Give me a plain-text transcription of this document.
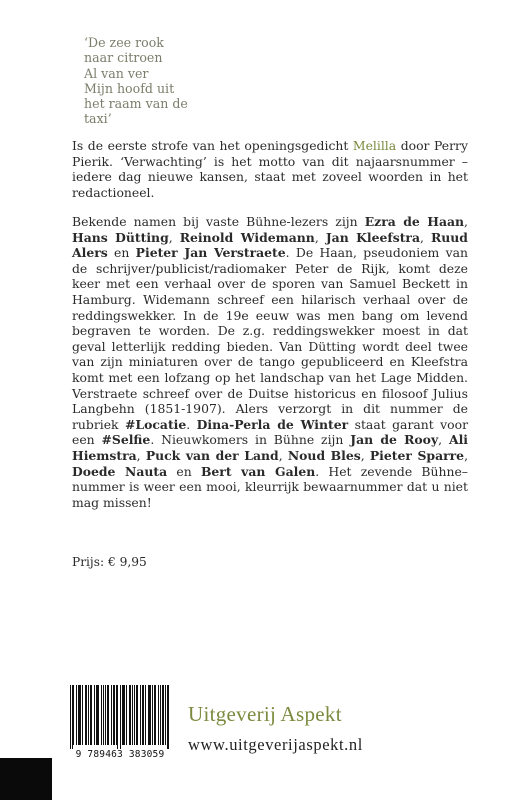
‘De zee rook
naar citroen
Al van ver
Mijn hoofd uit
het raam van de
taxi’

Is de eerste strofe van het openingsgedicht Melilla door Perry Pierik. ‘Verwachting’ is het motto van dit najaarsnummer – iedere dag nieuwe kansen, staat met zoveel woorden in het redactioneel.

Bekende namen bij vaste Bühne-lezers zijn Ezra de Haan, Hans Dütting, Reinold Widemann, Jan Kleefstra, Ruud Alers en Pieter Jan Verstraete. De Haan, pseudoniem van de schrijver/publicist/radiomaker Peter de Rijk, komt deze keer met een verhaal over de sporen van Samuel Beckett in Hamburg. Widemann schreef een hilarisch verhaal over de reddingswekker. In de 19e eeuw was men bang om levend begraven te worden. De z.g. reddingswekker moest in dat geval letterlijk redding bieden. Van Dütting wordt deel twee van zijn miniaturen over de tango gepubliceerd en Kleefstra komt met een lofzang op het landschap van het Lage Midden. Verstraete schreef over de Duitse historicus en filosoof Julius Langbehn (1851-1907). Alers verzorgt in dit nummer de rubriek #Locatie. Dina-Perla de Winter staat garant voor een #Selfie. Nieuwkomers in Bühne zijn Jan de Rooy, Ali Hiemstra, Puck van der Land, Noud Bles, Pieter Sparre, Doede Nauta en Bert van Galen. Het zevende Bühne–nummer is weer een mooi, kleurrijk bewaarnummer dat u niet mag missen!

Prijs: € 9,95
9 789463 383059
Uitgeverij Aspekt
www.uitgeverijaspekt.nl
